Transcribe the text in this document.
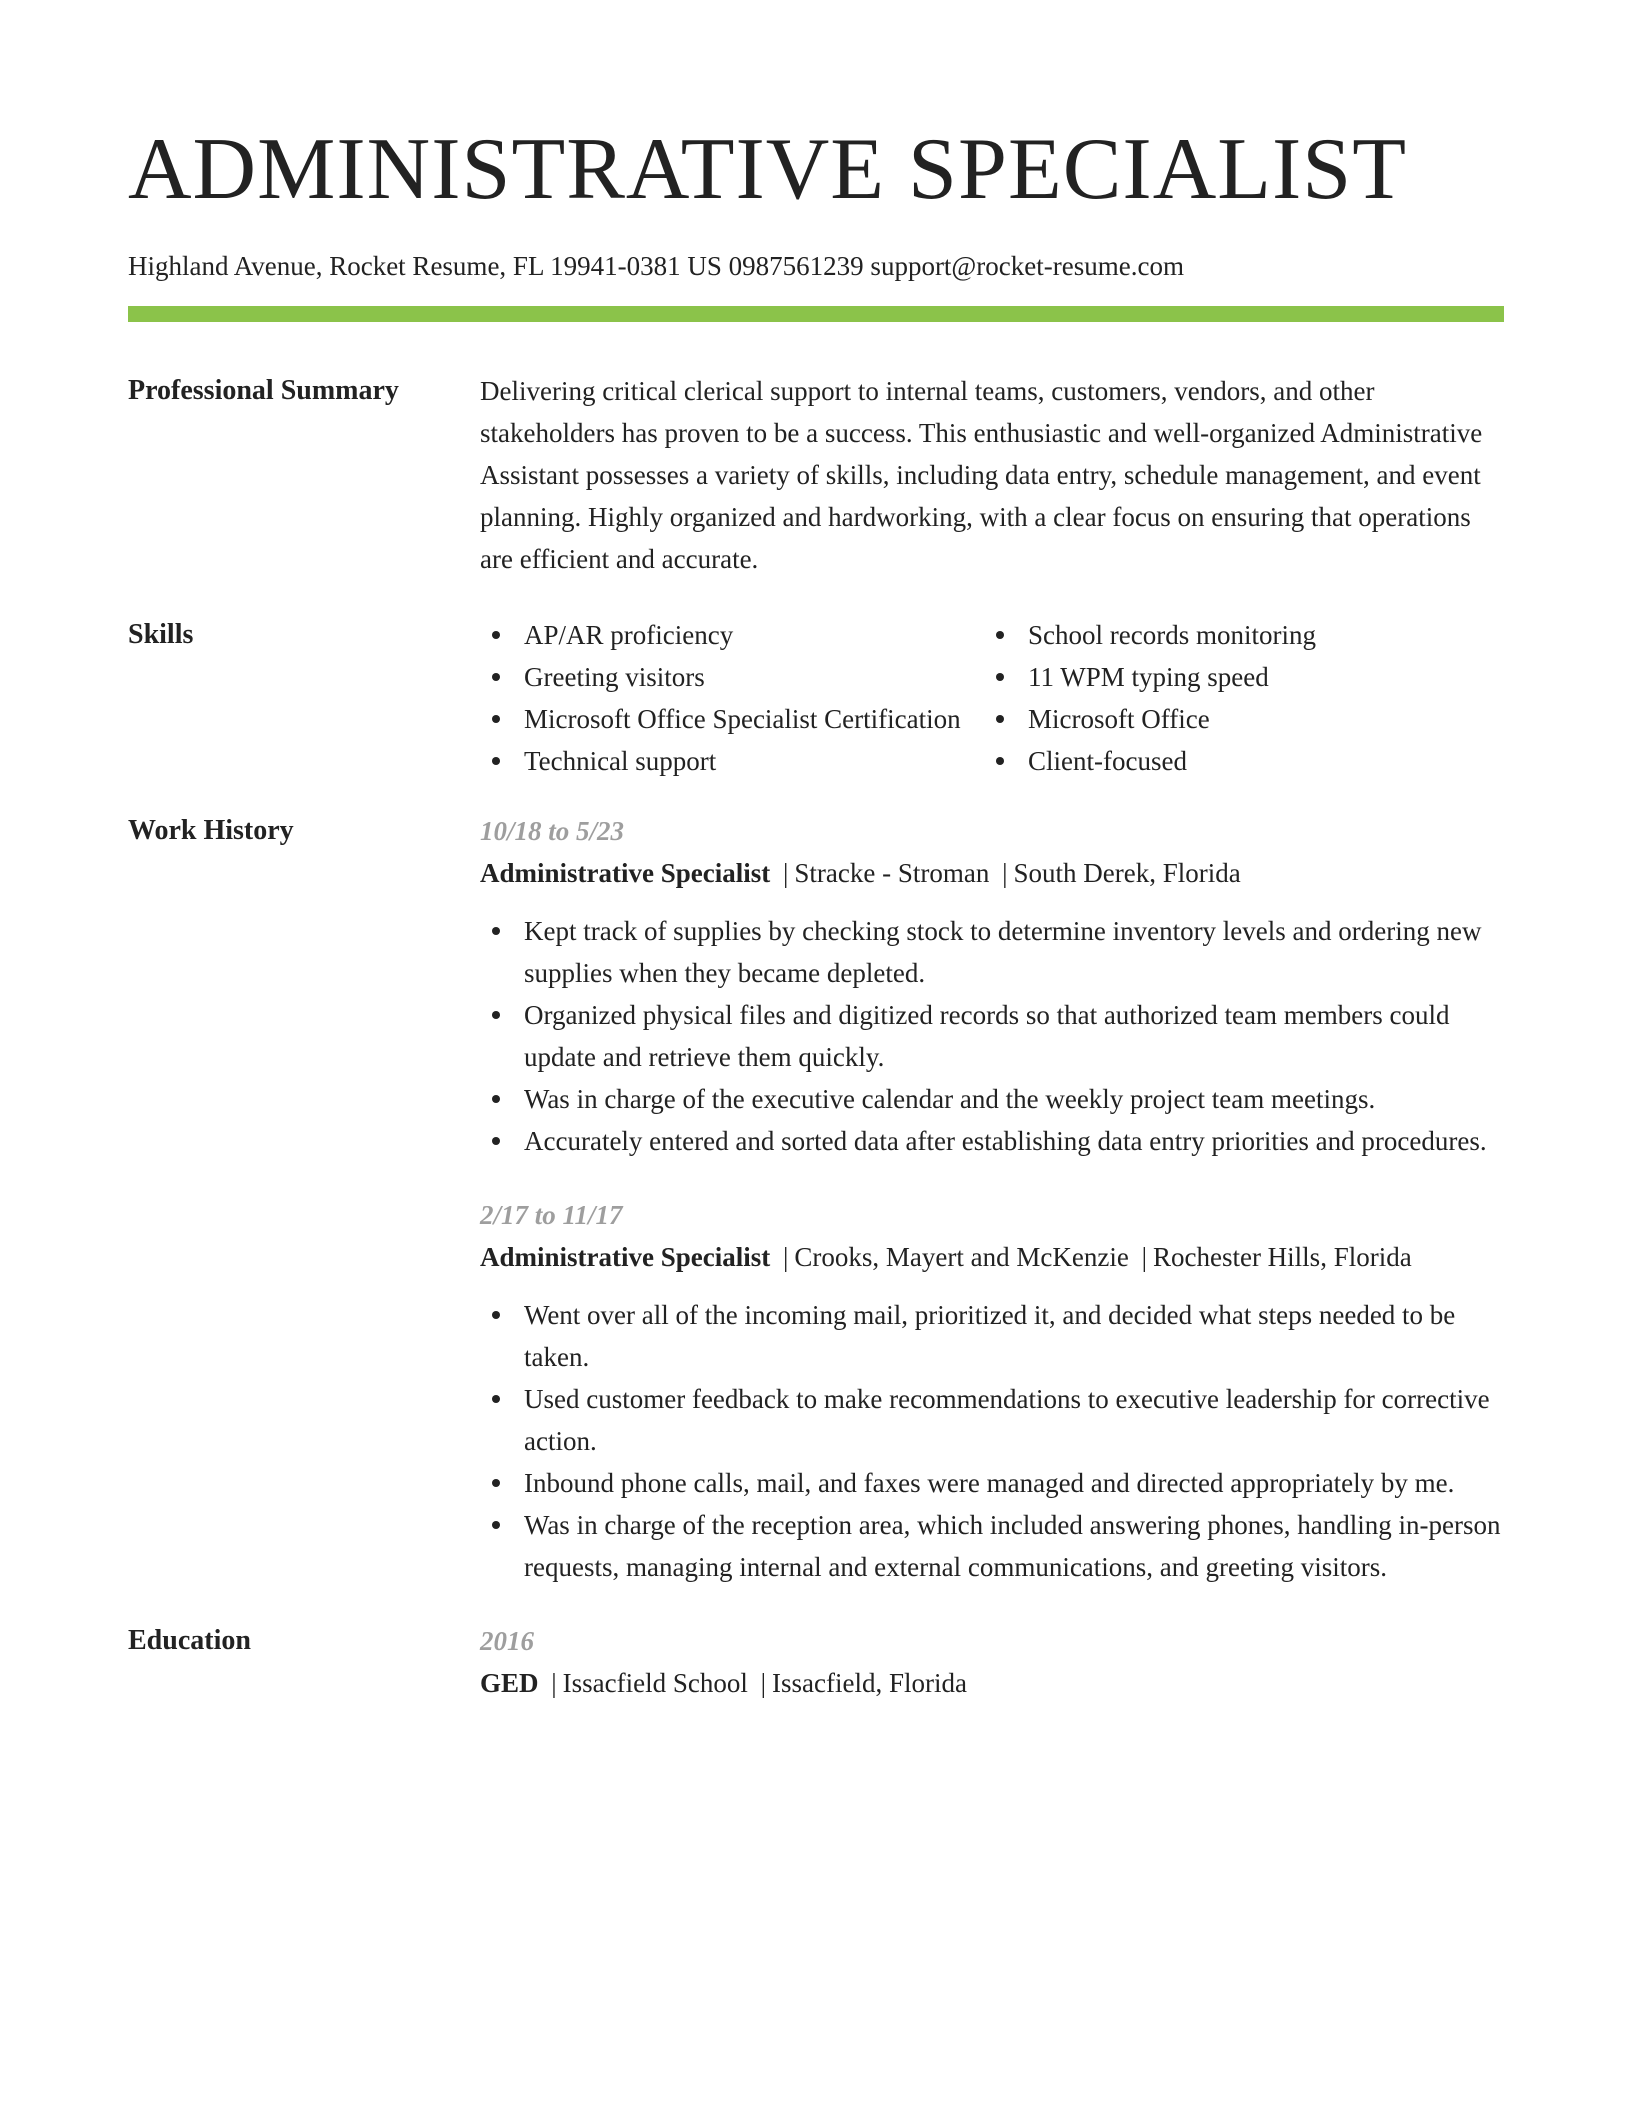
ADMINISTRATIVE SPECIALIST
Highland Avenue, Rocket Resume, FL 19941-0381 US 0987561239 support@rocket-resume.com
Professional Summary	Delivering critical clerical support to internal teams, customers, vendors, and other stakeholders has proven to be a success. This enthusiastic and well-organized Administrative Assistant possesses a variety of skills, including data entry, schedule management, and event planning. Highly organized and hardworking, with a clear focus on ensuring that operations are efficient and accurate.

Skills	AP/AR proficiency
Greeting visitors
Microsoft Office Specialist Certification
Technical support
School records monitoring
11 WPM typing speed
Microsoft Office
Client-focused
Work History	10/18 to 5/23
Administrative Specialist | Stracke - Stroman | South Derek, Florida
Kept track of supplies by checking stock to determine inventory levels and ordering new supplies when they became depleted.
Organized physical files and digitized records so that authorized team members could update and retrieve them quickly.
Was in charge of the executive calendar and the weekly project team meetings.
Accurately entered and sorted data after establishing data entry priorities and procedures.
2/17 to 11/17
Administrative Specialist | Crooks, Mayert and McKenzie | Rochester Hills, Florida
Went over all of the incoming mail, prioritized it, and decided what steps needed to be taken.
Used customer feedback to make recommendations to executive leadership for corrective action.
Inbound phone calls, mail, and faxes were managed and directed appropriately by me.
Was in charge of the reception area, which included answering phones, handling in-person requests, managing internal and external communications, and greeting visitors.
Education	2016
GED | Issacfield School | Issacfield, Florida
